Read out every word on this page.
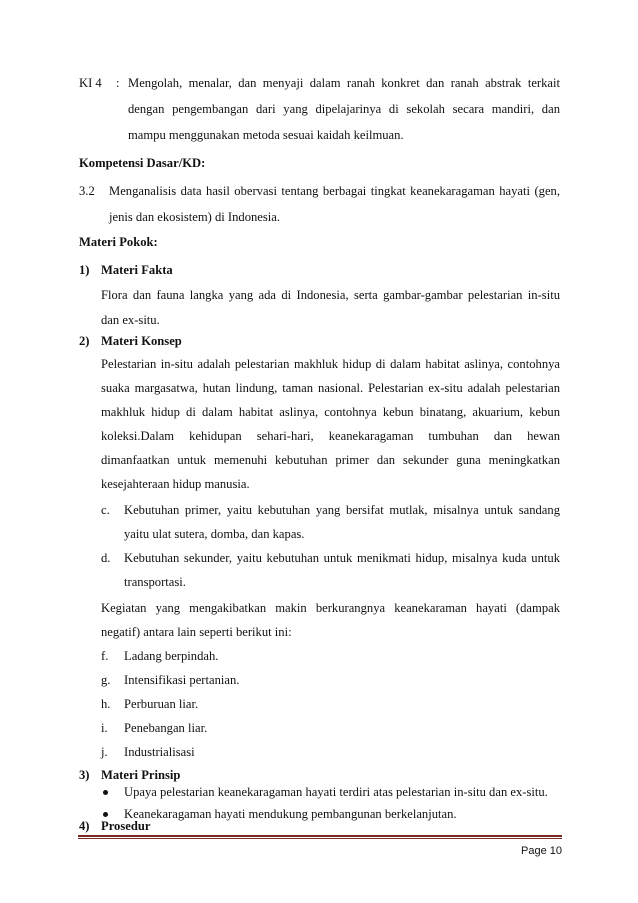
KI 4 : Mengolah, menalar, dan menyaji dalam ranah konkret dan ranah abstrak terkait
dengan pengembangan dari yang dipelajarinya di sekolah secara mandiri, dan
mampu menggunakan metoda sesuai kaidah keilmuan.
Kompetensi Dasar/KD:
3.2 Menganalisis data hasil obervasi tentang berbagai tingkat keanekaragaman hayati (gen,
jenis dan ekosistem) di Indonesia.
Materi Pokok:
1) Materi Fakta
Flora dan fauna langka yang ada di Indonesia, serta gambar-gambar pelestarian in-situ
dan ex-situ.
2) Materi Konsep
Pelestarian in-situ adalah pelestarian makhluk hidup di dalam habitat aslinya, contohnya
suaka margasatwa, hutan lindung, taman nasional. Pelestarian ex-situ adalah pelestarian
makhluk hidup di dalam habitat aslinya, contohnya kebun binatang, akuarium, kebun
koleksi.Dalam kehidupan sehari-hari, keanekaragaman tumbuhan dan hewan
dimanfaatkan untuk memenuhi kebutuhan primer dan sekunder guna meningkatkan
kesejahteraan hidup manusia.
c. Kebutuhan primer, yaitu kebutuhan yang bersifat mutlak, misalnya untuk sandang
yaitu ulat sutera, domba, dan kapas.
d. Kebutuhan sekunder, yaitu kebutuhan untuk menikmati hidup, misalnya kuda untuk
transportasi.
Kegiatan yang mengakibatkan makin berkurangnya keanekaraman hayati (dampak
negatif) antara lain seperti berikut ini:
f. Ladang berpindah.
g. Intensifikasi pertanian.
h. Perburuan liar.
i. Penebangan liar.
j. Industrialisasi
3) Materi Prinsip
Upaya pelestarian keanekaragaman hayati terdiri atas pelestarian in-situ dan ex-situ.
Keanekaragaman hayati mendukung pembangunan berkelanjutan.
4) Prosedur
Page 10
